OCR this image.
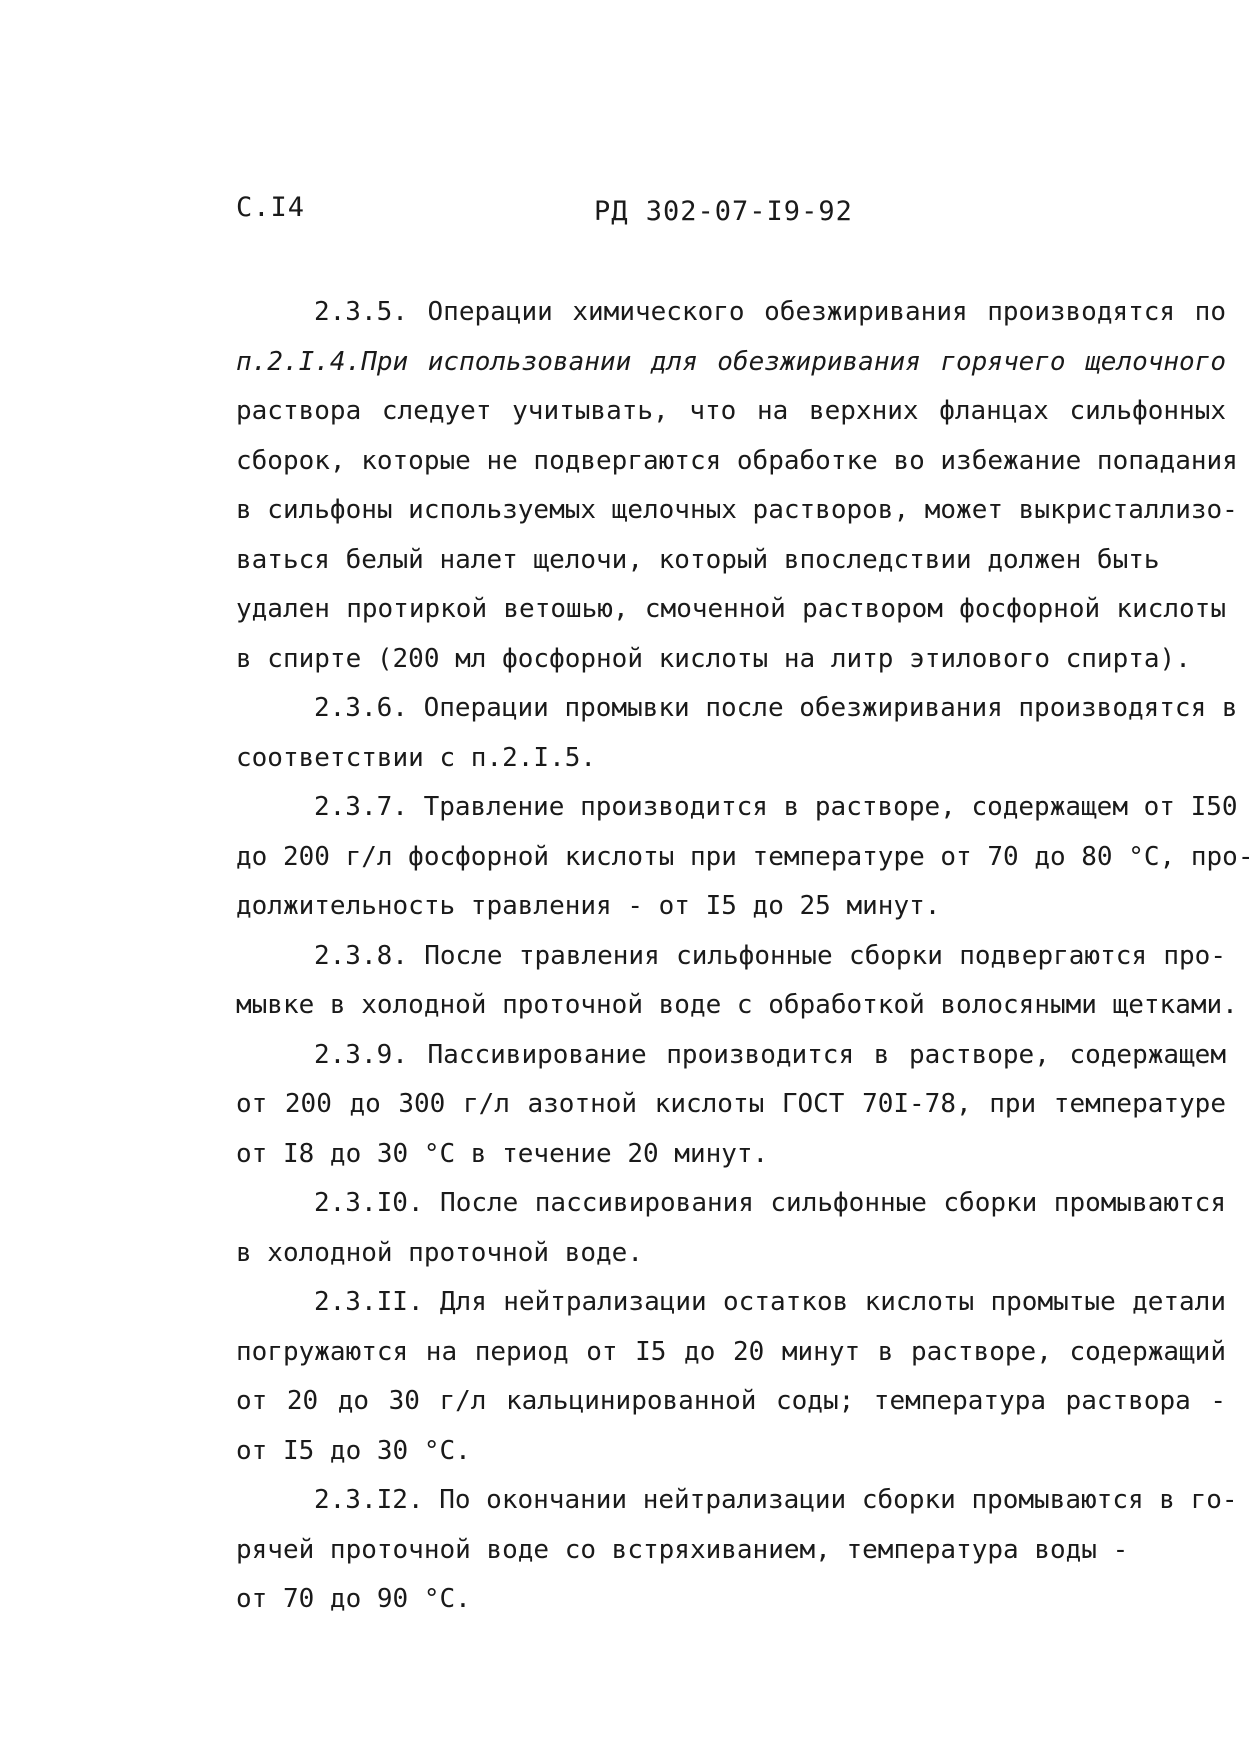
С.I4	РД 302-07-I9-92

2.3.5. Операции химического обезжиривания производятся по
п.2.I.4.При использовании для обезжиривания горячего щелочного
раствора следует учитывать, что на верхних фланцах сильфонных
сборок, которые не подвергаются обработке во избежание попадания
в сильфоны используемых щелочных растворов, может выкристаллизо-
ваться белый налет щелочи, который впоследствии должен быть
удален протиркой ветошью, смоченной раствором фосфорной кислоты
в спирте (200 мл фосфорной кислоты на литр этилового спирта).

2.3.6. Операции промывки после обезжиривания производятся в
соответствии с п.2.I.5.

2.3.7. Травление производится в растворе, содержащем от I50
до 200 г/л фосфорной кислоты при температуре от 70 до 80 °С, про-
должительность травления - от I5 до 25 минут.

2.3.8. После травления сильфонные сборки подвергаются про-
мывке в холодной проточной воде с обработкой волосяными щетками.

2.3.9. Пассивирование производится в растворе, содержащем
от 200 до 300 г/л азотной кислоты ГОСТ 70I-78, при температуре
от I8 до 30 °С в течение 20 минут.

2.3.I0. После пассивирования сильфонные сборки промываются
в холодной проточной воде.

2.3.II. Для нейтрализации остатков кислоты промытые детали
погружаются на период от I5 до 20 минут в растворе, содержащий
от 20 до 30 г/л кальцинированной соды; температура раствора -
от I5 до 30 °С.

2.3.I2. По окончании нейтрализации сборки промываются в го-
рячей проточной воде со встряхиванием, температура воды -
от 70 до 90 °С.
